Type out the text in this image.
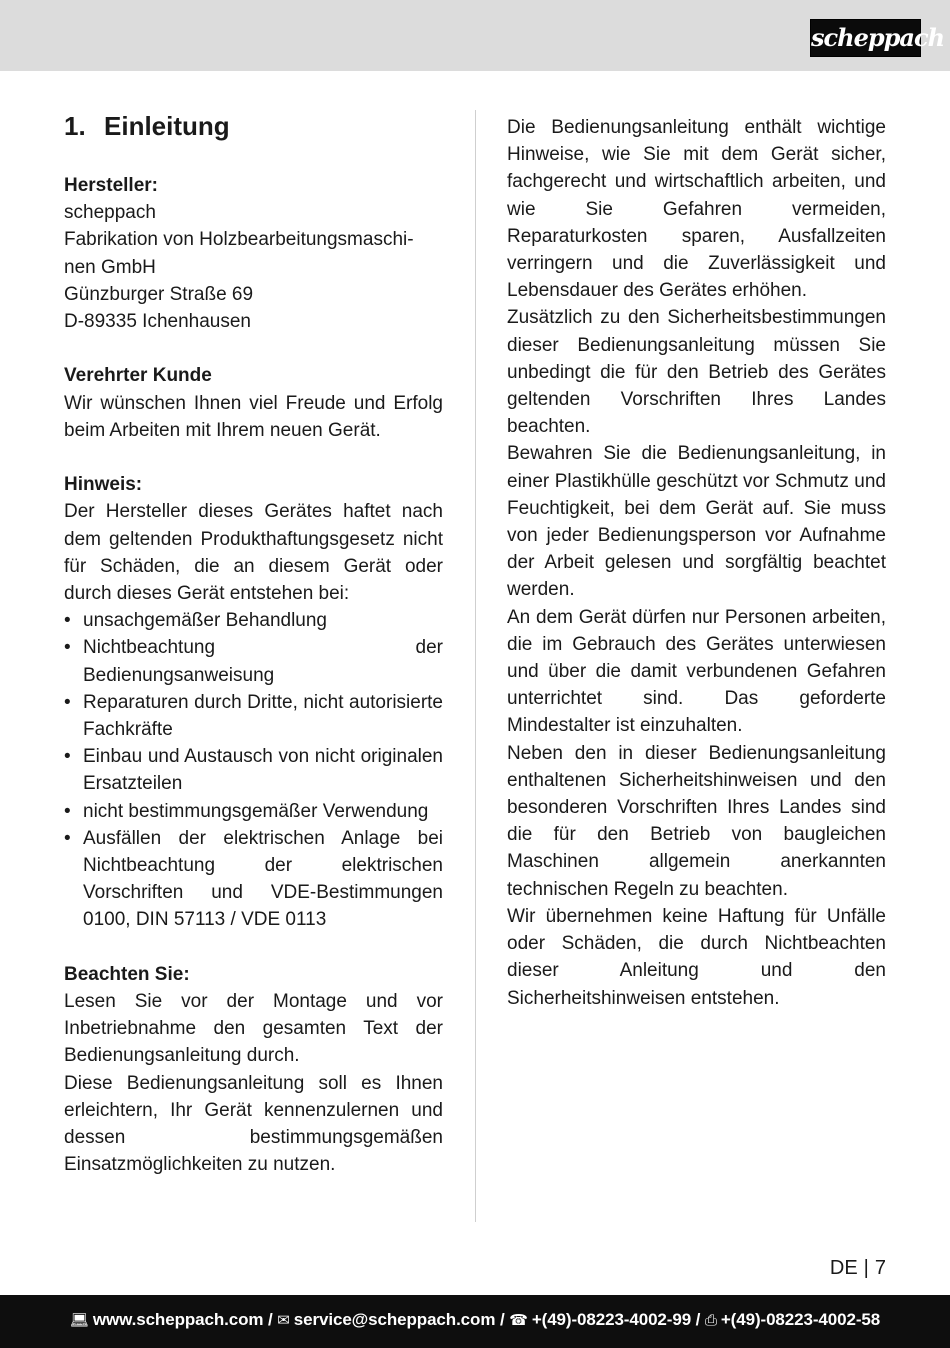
scheppach
1. Einleitung

Hersteller:

scheppach

Fabrikation von Holzbearbeitungsmaschi-
nen GmbH

Günzburger Straße 69

D-89335 Ichenhausen

Verehrter Kunde

Wir wünschen Ihnen viel Freude und Erfolg beim Arbeiten mit Ihrem neuen Gerät.

Hinweis:

Der Hersteller dieses Gerätes haftet nach dem geltenden Produkthaftungsgesetz nicht für Schäden, die an diesem Gerät oder durch dieses Gerät entstehen bei:

• unsachgemäßer Behandlung
• Nichtbeachtung der Bedienungsanweisung
• Reparaturen durch Dritte, nicht autorisierte Fachkräfte
• Einbau und Austausch von nicht originalen Ersatzteilen
• nicht bestimmungsgemäßer Verwendung
• Ausfällen der elektrischen Anlage bei Nichtbeachtung der elektrischen Vorschriften und VDE-Bestimmungen 0100, DIN 57113 / VDE 0113

Beachten Sie:

Lesen Sie vor der Montage und vor Inbetriebnahme den gesamten Text der Bedienungsanleitung durch.

Diese Bedienungsanleitung soll es Ihnen erleichtern, Ihr Gerät kennenzulernen und dessen bestimmungsgemäßen Einsatzmöglichkeiten zu nutzen.

Die Bedienungsanleitung enthält wichtige Hinweise, wie Sie mit dem Gerät sicher, fachgerecht und wirtschaftlich arbeiten, und wie Sie Gefahren vermeiden, Reparaturkosten sparen, Ausfallzeiten verringern und die Zuverlässigkeit und Lebensdauer des Gerätes erhöhen.

Zusätzlich zu den Sicherheitsbestimmungen dieser Bedienungsanleitung müssen Sie unbedingt die für den Betrieb des Gerätes geltenden Vorschriften Ihres Landes beachten.

Bewahren Sie die Bedienungsanleitung, in einer Plastikhülle geschützt vor Schmutz und Feuchtigkeit, bei dem Gerät auf. Sie muss von jeder Bedienungsperson vor Aufnahme der Arbeit gelesen und sorgfältig beachtet werden.

An dem Gerät dürfen nur Personen arbeiten, die im Gebrauch des Gerätes unterwiesen und über die damit verbundenen Gefahren unterrichtet sind. Das geforderte Mindestalter ist einzuhalten.

Neben den in dieser Bedienungsanleitung enthaltenen Sicherheitshinweisen und den besonderen Vorschriften Ihres Landes sind die für den Betrieb von baugleichen Maschinen allgemein anerkannten technischen Regeln zu beachten.

Wir übernehmen keine Haftung für Unfälle oder Schäden, die durch Nichtbeachten dieser Anleitung und den Sicherheitshinweisen entstehen.

DE | 7
💻︎ www.scheppach.com / ✉︎ service@scheppach.com / ☎︎ +(49)-08223-4002-99 / ⎙︎ +(49)-08223-4002-58
